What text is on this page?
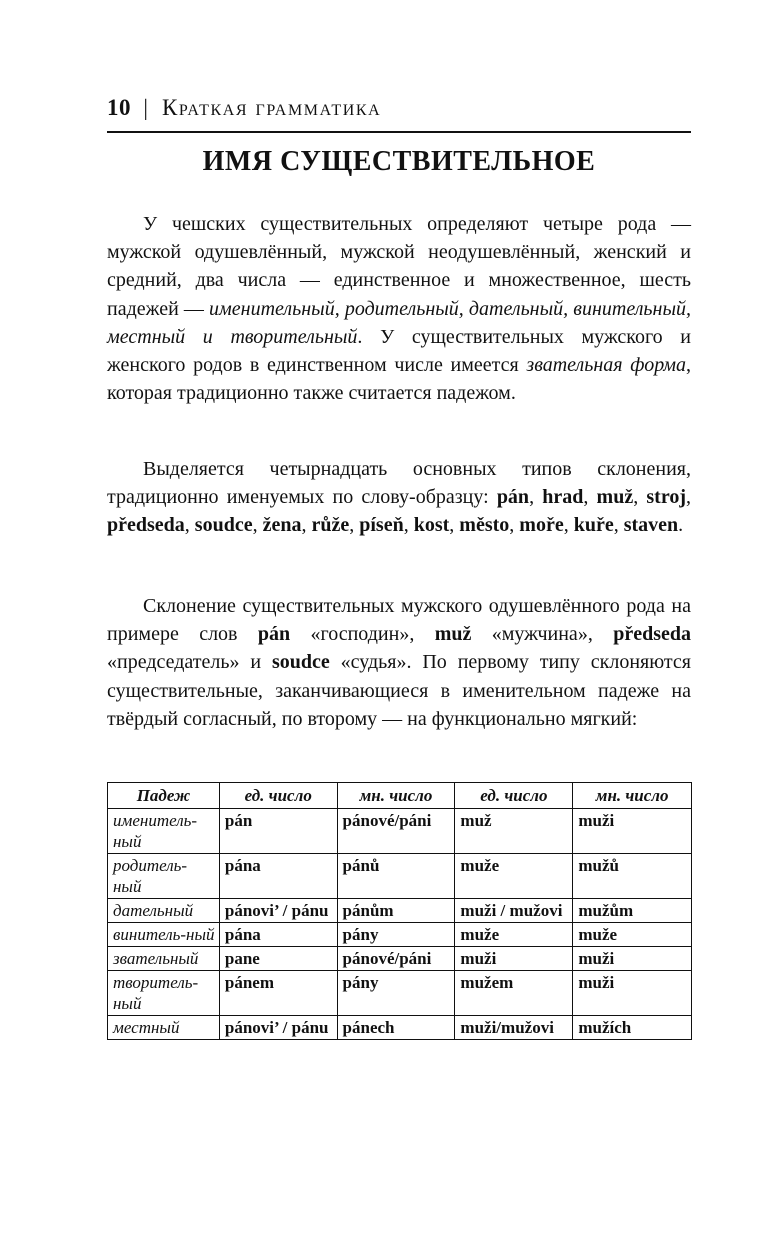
10 | Краткая грамматика
ИМЯ СУЩЕСТВИТЕЛЬНОЕ

У чешских существительных определяют четыре рода — мужской одушевлённый, мужской неодушевлённый, женский и средний, два числа — единственное и множественное, шесть падежей — именительный, родительный, дательный, винительный, местный и творительный. У существительных мужского и женского родов в единственном числе имеется звательная форма, которая традиционно также считается падежом.

Выделяется четырнадцать основных типов склонения, традиционно именуемых по слову-образцу: pán, hrad, muž, stroj, předseda, soudce, žena, růže, píseň, kost, město, moře, kuře, staven.

Склонение существительных мужского одушевлённого рода на примере слов pán «господин», muž «мужчина», předseda «председатель» и soudce «судья». По первому типу склоняются существительные, заканчивающиеся в именительном падеже на твёрдый согласный, по второму — на функционально мягкий:

Падеж	ед. число	мн. число	ед. число	мн. число
именитель-ный	pán	pánové/páni	muž	muži
родитель-ный	pána	pánů	muže	mužů
дательный	pánovi’ / pánu	pánům	muži / mužovi	mužům
винитель-ный	pána	pány	muže	muže
звательный	pane	pánové/páni	muži	muži
творитель-ный	pánem	pány	mužem	muži
местный	pánovi’ / pánu	pánech	muži/mužovi	mužích
